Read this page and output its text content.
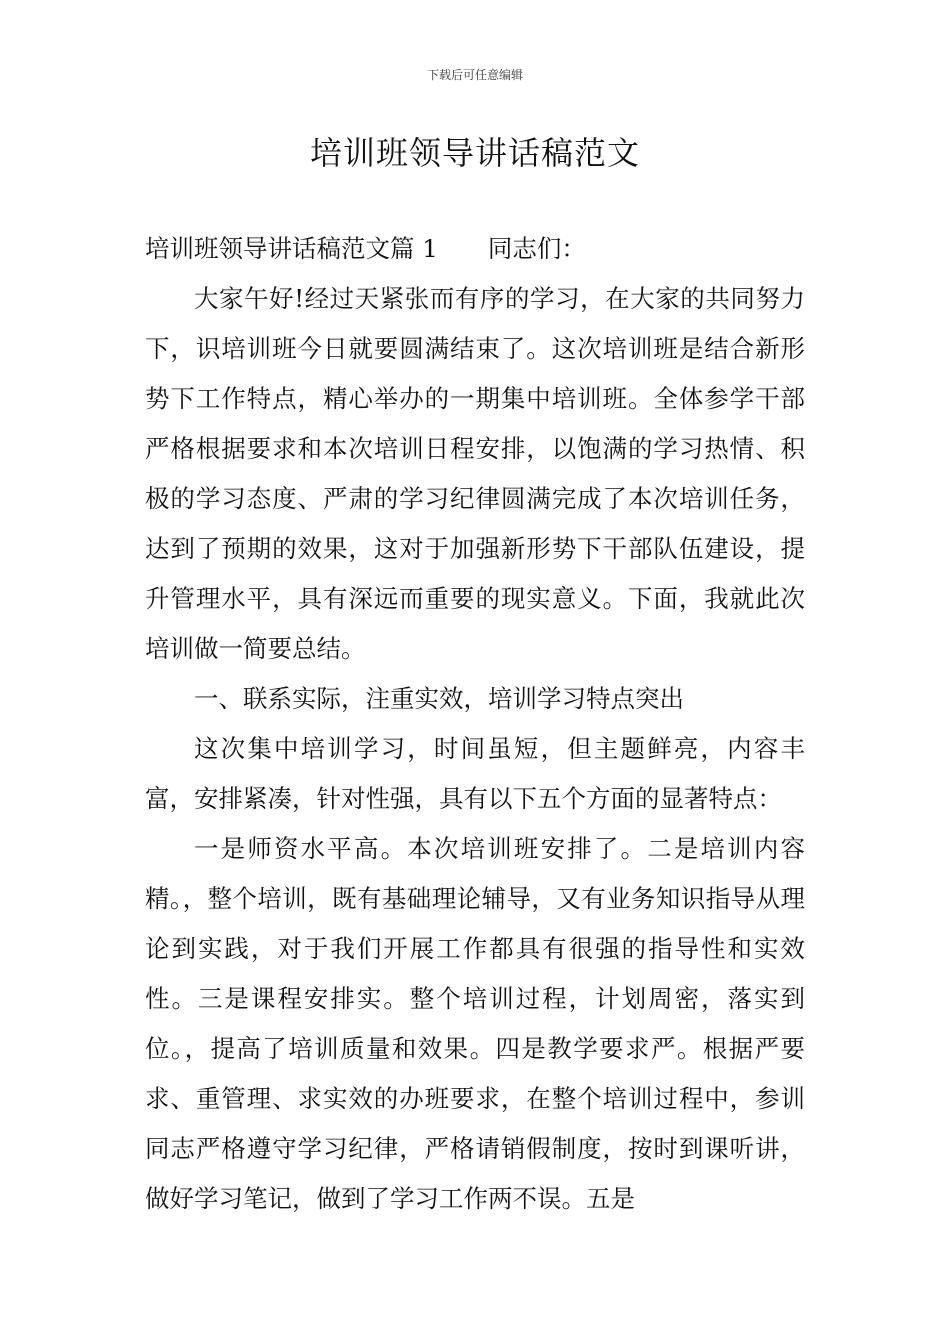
下载后可任意编辑
培训班领导讲话稿范文

培训班领导讲话稿范文篇 1 同志们：

大家午好!经过天紧张而有序的学习，在大家的共同努力下，识培训班今日就要圆满结束了。这次培训班是结合新形势下工作特点，精心举办的一期集中培训班。全体参学干部严格根据要求和本次培训日程安排，以饱满的学习热情、积极的学习态度、严肃的学习纪律圆满完成了本次培训任务，达到了预期的效果，这对于加强新形势下干部队伍建设，提升管理水平，具有深远而重要的现实意义。下面，我就此次培训做一简要总结。

一、联系实际，注重实效，培训学习特点突出

这次集中培训学习，时间虽短，但主题鲜亮，内容丰富，安排紧凑，针对性强，具有以下五个方面的显著特点：

一是师资水平高。本次培训班安排了。二是培训内容精。，整个培训，既有基础理论辅导，又有业务知识指导从理论到实践，对于我们开展工作都具有很强的指导性和实效性。三是课程安排实。整个培训过程，计划周密，落实到位。，提高了培训质量和效果。四是教学要求严。根据严要求、重管理、求实效的办班要求，在整个培训过程中，参训同志严格遵守学习纪律，严格请销假制度，按时到课听讲，做好学习笔记，做到了学习工作两不误。五是
